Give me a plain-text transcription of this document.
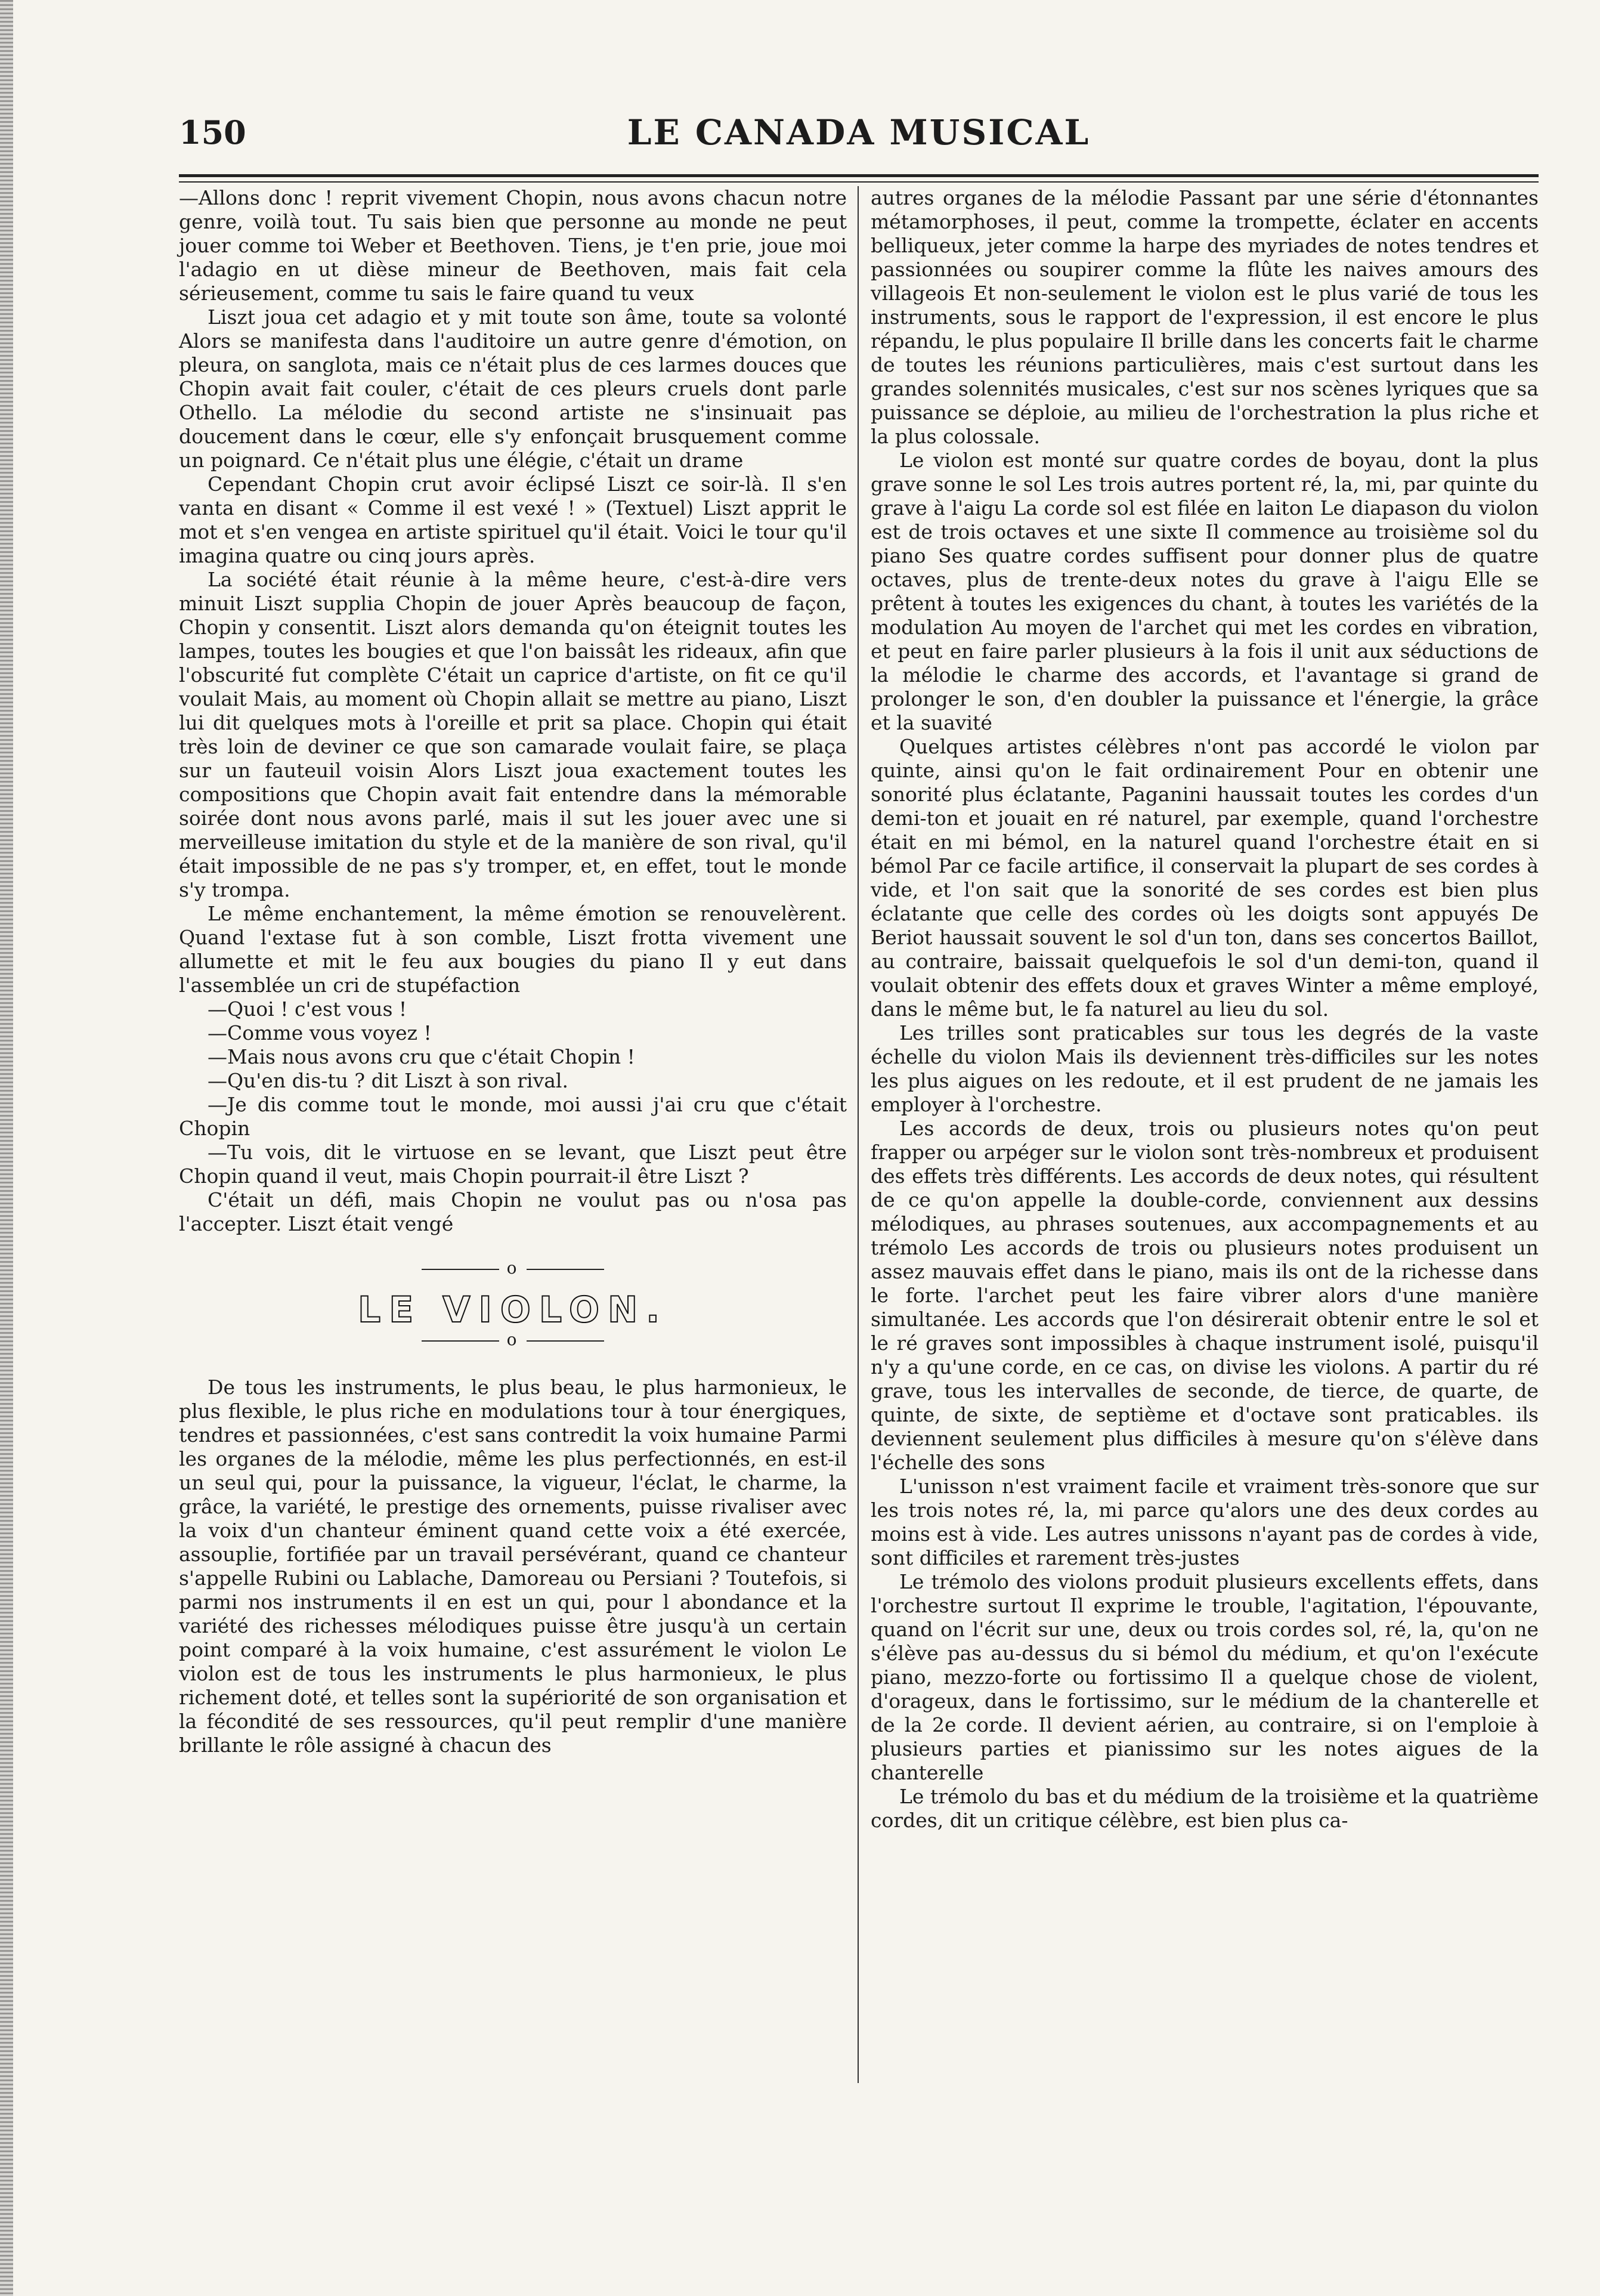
150	LE CANADA MUSICAL

—Allons donc ! reprit vivement Chopin, nous avons chacun notre genre, voilà tout. Tu sais bien que personne au monde ne peut jouer comme toi Weber et Beethoven. Tiens, je t'en prie, joue moi l'adagio en ut dièse mineur de Beethoven, mais fait cela sérieusement, comme tu sais le faire quand tu veux

Liszt joua cet adagio et y mit toute son âme, toute sa volonté Alors se manifesta dans l'auditoire un autre genre d'émotion, on pleura, on sanglota, mais ce n'était plus de ces larmes douces que Chopin avait fait couler, c'était de ces pleurs cruels dont parle Othello. La mélodie du second artiste ne s'insinuait pas doucement dans le cœur, elle s'y enfonçait brusquement comme un poignard. Ce n'était plus une élégie, c'était un drame

Cependant Chopin crut avoir éclipsé Liszt ce soir-là. Il s'en vanta en disant « Comme il est vexé ! » (Textuel) Liszt apprit le mot et s'en vengea en artiste spirituel qu'il était. Voici le tour qu'il imagina quatre ou cinq jours après.

La société était réunie à la même heure, c'est-à-dire vers minuit Liszt supplia Chopin de jouer Après beaucoup de façon, Chopin y consentit. Liszt alors demanda qu'on éteignit toutes les lampes, toutes les bougies et que l'on baissât les rideaux, afin que l'obscurité fut complète C'était un caprice d'artiste, on fit ce qu'il voulait Mais, au moment où Chopin allait se mettre au piano, Liszt lui dit quelques mots à l'oreille et prit sa place. Chopin qui était très loin de deviner ce que son camarade voulait faire, se plaça sur un fauteuil voisin Alors Liszt joua exactement toutes les compositions que Chopin avait fait entendre dans la mémorable soirée dont nous avons parlé, mais il sut les jouer avec une si merveilleuse imitation du style et de la manière de son rival, qu'il était impossible de ne pas s'y tromper, et, en effet, tout le monde s'y trompa.

Le même enchantement, la même émotion se renouvelèrent. Quand l'extase fut à son comble, Liszt frotta vivement une allumette et mit le feu aux bougies du piano Il y eut dans l'assemblée un cri de stupéfaction

—Quoi ! c'est vous !

—Comme vous voyez !

—Mais nous avons cru que c'était Chopin !

—Qu'en dis-tu ? dit Liszt à son rival.

—Je dis comme tout le monde, moi aussi j'ai cru que c'était Chopin

—Tu vois, dit le virtuose en se levant, que Liszt peut être Chopin quand il veut, mais Chopin pourrait-il être Liszt ?

C'était un défi, mais Chopin ne voulut pas ou n'osa pas l'accepter. Liszt était vengé

o
LE VIOLON.
o

De tous les instruments, le plus beau, le plus harmonieux, le plus flexible, le plus riche en modulations tour à tour énergiques, tendres et passionnées, c'est sans contredit la voix humaine Parmi les organes de la mélodie, même les plus perfectionnés, en est-il un seul qui, pour la puissance, la vigueur, l'éclat, le charme, la grâce, la variété, le prestige des ornements, puisse rivaliser avec la voix d'un chanteur éminent quand cette voix a été exercée, assouplie, fortifiée par un travail persévérant, quand ce chanteur s'appelle Rubini ou Lablache, Damoreau ou Persiani ? Toutefois, si parmi nos instruments il en est un qui, pour l abondance et la variété des richesses mélodiques puisse être jusqu'à un certain point comparé à la voix humaine, c'est assurément le violon Le violon est de tous les instruments le plus harmonieux, le plus richement doté, et telles sont la supériorité de son organisation et la fécondité de ses ressources, qu'il peut remplir d'une manière brillante le rôle assigné à chacun des

autres organes de la mélodie Passant par une série d'étonnantes métamorphoses, il peut, comme la trompette, éclater en accents belliqueux, jeter comme la harpe des myriades de notes tendres et passionnées ou soupirer comme la flûte les naives amours des villageois Et non-seulement le violon est le plus varié de tous les instruments, sous le rapport de l'expression, il est encore le plus répandu, le plus populaire Il brille dans les concerts fait le charme de toutes les réunions particulières, mais c'est surtout dans les grandes solennités musicales, c'est sur nos scènes lyriques que sa puissance se déploie, au milieu de l'orchestration la plus riche et la plus colossale.

Le violon est monté sur quatre cordes de boyau, dont la plus grave sonne le sol Les trois autres portent ré, la, mi, par quinte du grave à l'aigu La corde sol est filée en laiton Le diapason du violon est de trois octaves et une sixte Il commence au troisième sol du piano Ses quatre cordes suffisent pour donner plus de quatre octaves, plus de trente-deux notes du grave à l'aigu Elle se prêtent à toutes les exigences du chant, à toutes les variétés de la modulation Au moyen de l'archet qui met les cordes en vibration, et peut en faire parler plusieurs à la fois il unit aux séductions de la mélodie le charme des accords, et l'avantage si grand de prolonger le son, d'en doubler la puissance et l'énergie, la grâce et la suavité

Quelques artistes célèbres n'ont pas accordé le violon par quinte, ainsi qu'on le fait ordinairement Pour en obtenir une sonorité plus éclatante, Paganini haussait toutes les cordes d'un demi-ton et jouait en ré naturel, par exemple, quand l'orchestre était en mi bémol, en la naturel quand l'orchestre était en si bémol Par ce facile artifice, il conservait la plupart de ses cordes à vide, et l'on sait que la sonorité de ses cordes est bien plus éclatante que celle des cordes où les doigts sont appuyés De Beriot haussait souvent le sol d'un ton, dans ses concertos Baillot, au contraire, baissait quelquefois le sol d'un demi-ton, quand il voulait obtenir des effets doux et graves Winter a même employé, dans le même but, le fa naturel au lieu du sol.

Les trilles sont praticables sur tous les degrés de la vaste échelle du violon Mais ils deviennent très-difficiles sur les notes les plus aigues on les redoute, et il est prudent de ne jamais les employer à l'orchestre.

Les accords de deux, trois ou plusieurs notes qu'on peut frapper ou arpéger sur le violon sont très-nombreux et produisent des effets très différents. Les accords de deux notes, qui résultent de ce qu'on appelle la double-corde, conviennent aux dessins mélodiques, au phrases soutenues, aux accompagnements et au trémolo Les accords de trois ou plusieurs notes produisent un assez mauvais effet dans le piano, mais ils ont de la richesse dans le forte. l'archet peut les faire vibrer alors d'une manière simultanée. Les accords que l'on désirerait obtenir entre le sol et le ré graves sont impossibles à chaque instrument isolé, puisqu'il n'y a qu'une corde, en ce cas, on divise les violons. A partir du ré grave, tous les intervalles de seconde, de tierce, de quarte, de quinte, de sixte, de septième et d'octave sont praticables. ils deviennent seulement plus difficiles à mesure qu'on s'élève dans l'échelle des sons

L'unisson n'est vraiment facile et vraiment très-sonore que sur les trois notes ré, la, mi parce qu'alors une des deux cordes au moins est à vide. Les autres unissons n'ayant pas de cordes à vide, sont difficiles et rarement très-justes

Le trémolo des violons produit plusieurs excellents effets, dans l'orchestre surtout Il exprime le trouble, l'agitation, l'épouvante, quand on l'écrit sur une, deux ou trois cordes sol, ré, la, qu'on ne s'élève pas au-dessus du si bémol du médium, et qu'on l'exécute piano, mezzo-forte ou fortissimo Il a quelque chose de violent, d'orageux, dans le fortissimo, sur le médium de la chanterelle et de la 2e corde. Il devient aérien, au contraire, si on l'emploie à plusieurs parties et pianissimo sur les notes aigues de la chanterelle

Le trémolo du bas et du médium de la troisième et la quatrième cordes, dit un critique célèbre, est bien plus ca-
